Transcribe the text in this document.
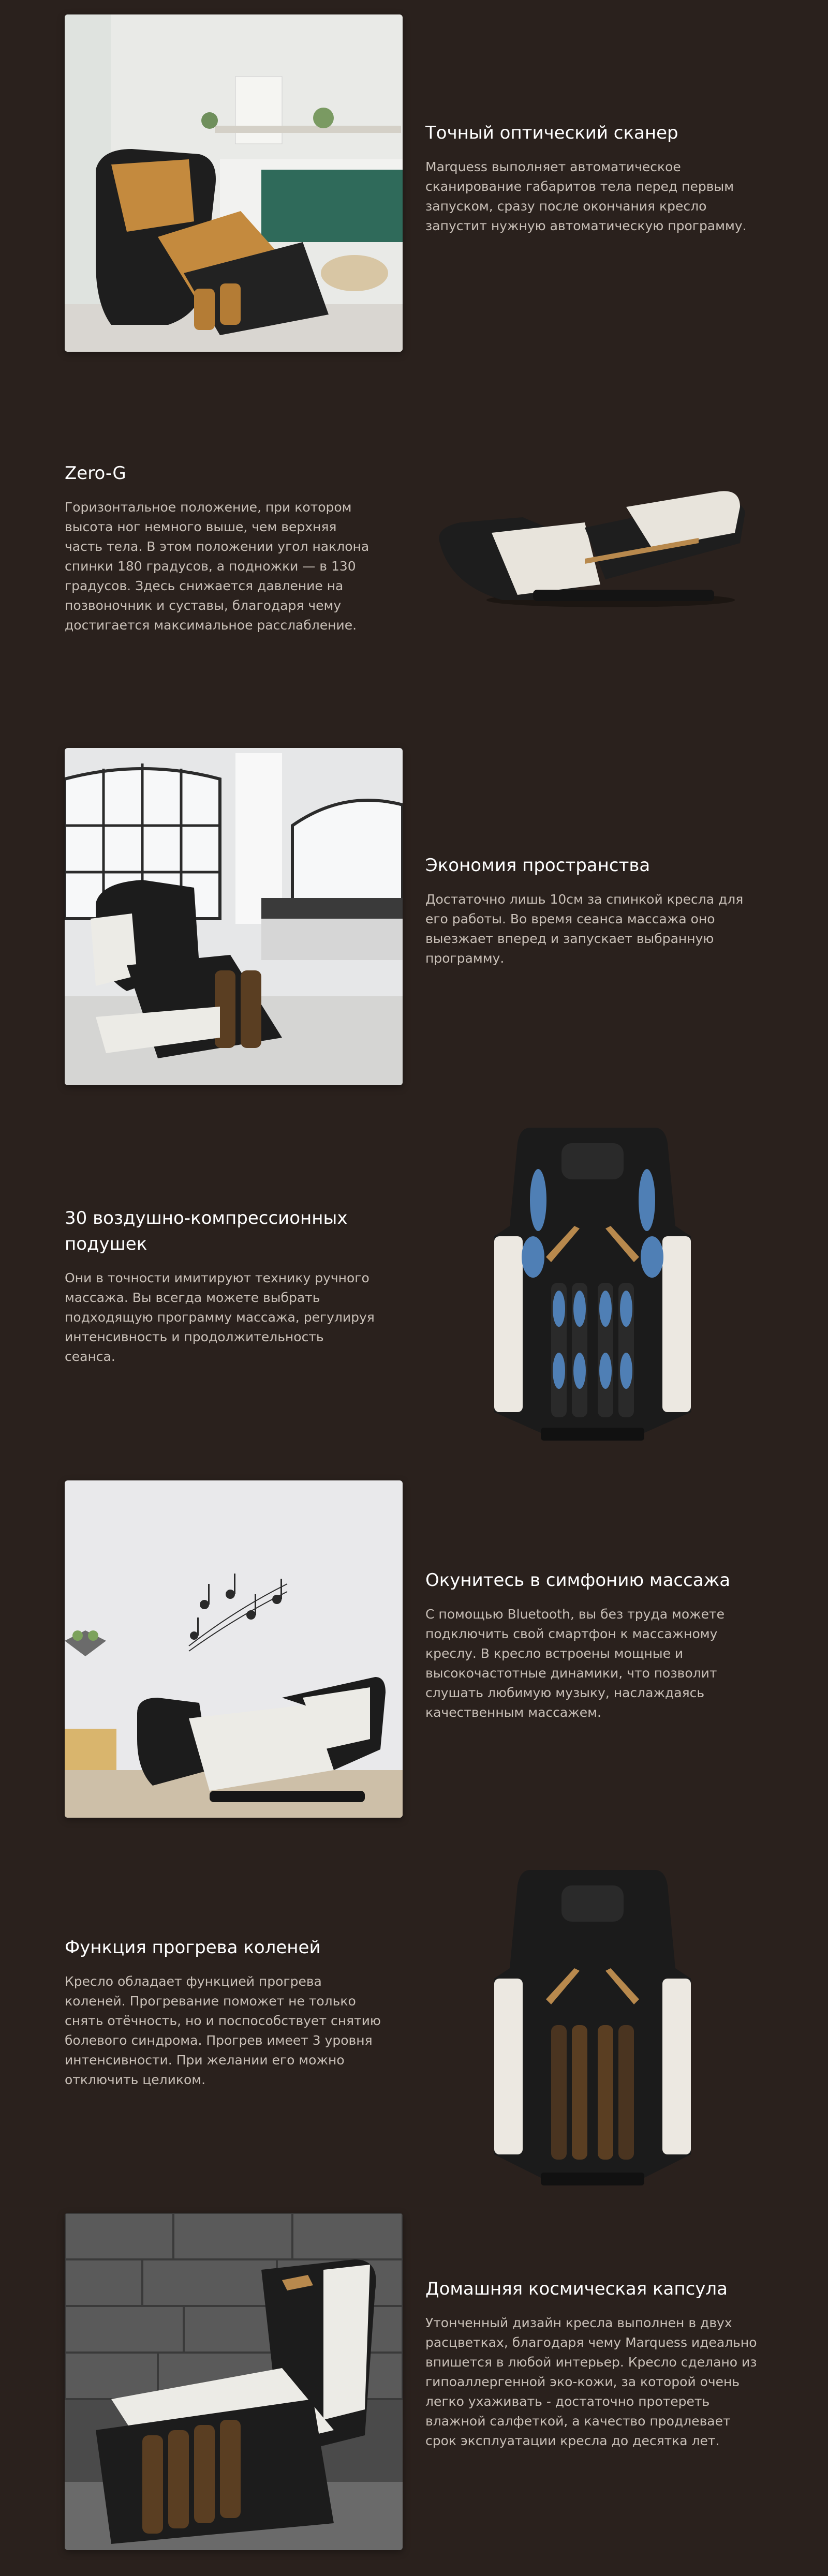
Точный оптический сканер

Marquess выполняет автоматическое сканирование габаритов тела перед первым запуском, сразу после окончания кресло запустит нужную автоматическую программу.

Zero-G

Горизонтальное положение, при котором высота ног немного выше, чем верхняя часть тела. В этом положении угол наклона спинки 180 градусов, а подножки — в 130 градусов. Здесь снижается давление на позвоночник и суставы, благодаря чему достигается максимальное расслабление.

Экономия пространства

Достаточно лишь 10см за спинкой кресла для его работы. Во время сеанса массажа оно выезжает вперед и запускает выбранную программу.

30 воздушно-компрессионных подушек

Они в точности имитируют технику ручного массажа. Вы всегда можете выбрать подходящую программу массажа, регулируя интенсивность и продолжительность сеанса.

Окунитесь в симфонию массажа

С помощью Bluetooth, вы без труда можете подключить свой смартфон к массажному креслу. В кресло встроены мощные и высокочастотные динамики, что позволит слушать любимую музыку, наслаждаясь качественным массажем.

Функция прогрева коленей

Кресло обладает функцией прогрева коленей. Прогревание поможет не только снять отёчность, но и поспособствует снятию болевого синдрома. Прогрев имеет 3 уровня интенсивности. При желании его можно отключить целиком.

Домашняя космическая капсула

Утонченный дизайн кресла выполнен в двух расцветках, благодаря чему Marquess идеально впишется в любой интерьер. Кресло сделано из гипоаллергенной эко-кожи, за которой очень легко ухаживать - достаточно протереть влажной салфеткой, а качество продлевает срок эксплуатации кресла до десятка лет.
